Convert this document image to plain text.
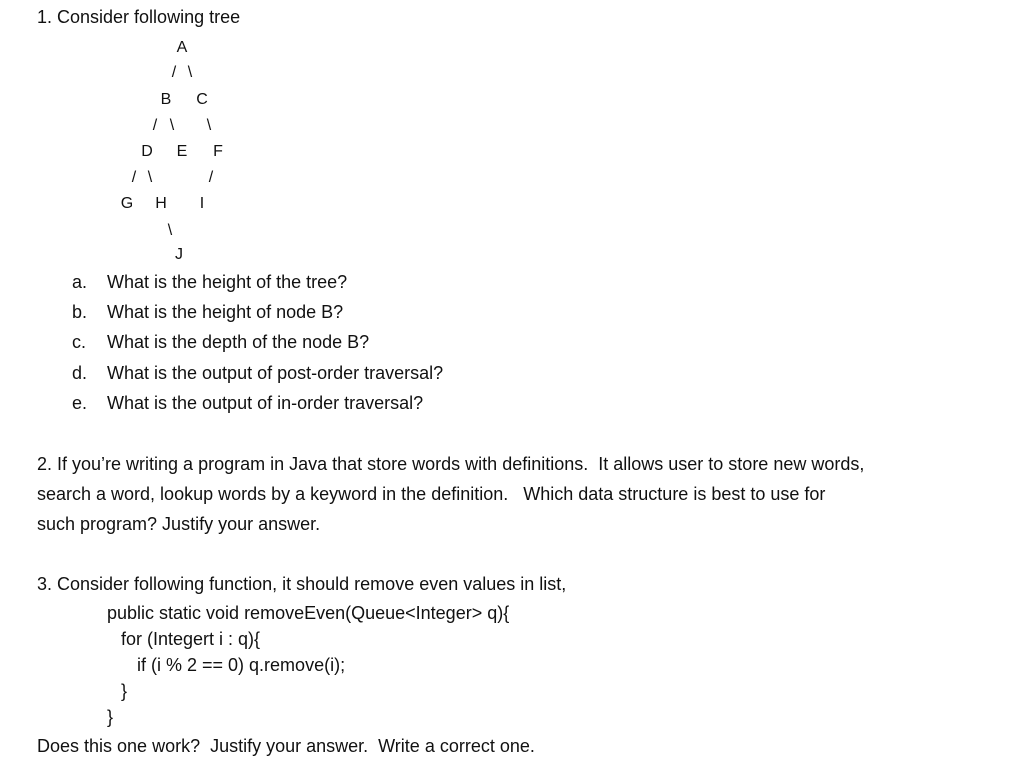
1. Consider following tree
A
/ \
B C
/ \	\
D E	F
/ \	/
G H	I
\
J
a. What is the height of the tree?
b. What is the height of node B?
c. What is the depth of the node B?
d. What is the output of post-order traversal?
e. What is the output of in-order traversal?
2. If you’re writing a program in Java that store words with definitions.  It allows user to store new words,
search a word, lookup words by a keyword in the definition.   Which data structure is best to use for
such program? Justify your answer.
3. Consider following function, it should remove even values in list,
public static void removeEven(Queue<Integer> q){
for (Integert i : q){
if (i % 2 == 0) q.remove(i);
}
}
Does this one work?  Justify your answer.  Write a correct one.
